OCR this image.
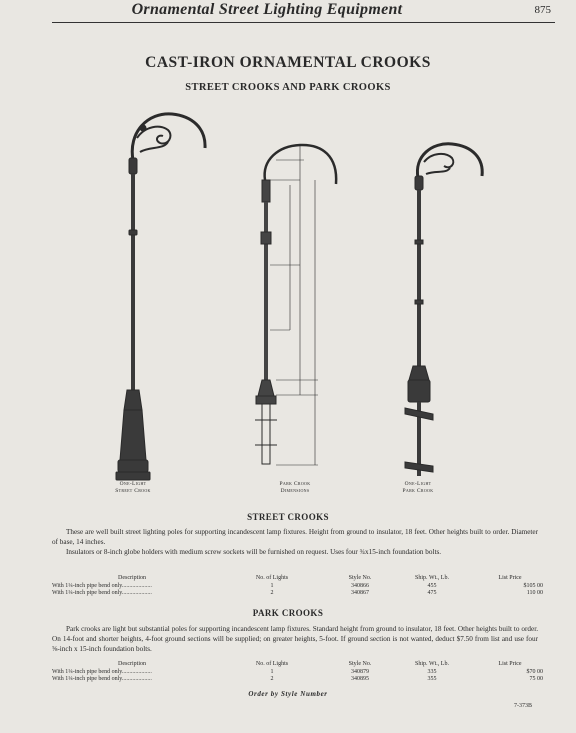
Ornamental Street Lighting Equipment	875
CAST-IRON ORNAMENTAL CROOKS
STREET CROOKS AND PARK CROOKS
One-Light
Street Crook
Park Crook
Dimensions
One-Light
Park Crook
STREET CROOKS

These are well built street lighting poles for supporting incandescent lamp fixtures. Height from ground to insulator, 18 feet. Other heights built to order. Diameter of base, 14 inches.

Insulators or 8-inch globe holders with medium screw sockets will be furnished on request. Uses four ¾x15-inch foundation bolts.

Description	No. of Lights	Style No.	Ship. Wt., Lb.	List Price
With 1¼-inch pipe bend only....................	1	340866	455	$105 00
With 1¼-inch pipe bend only....................	2	340867	475	110 00
PARK CROOKS

Park crooks are light but substantial poles for supporting incandescent lamp fixtures. Standard height from ground to insulator, 18 feet. Other heights built to order. On 14-foot and shorter heights, 4-foot ground sections will be supplied; on greater heights, 5-foot. If ground section is not wanted, deduct $7.50 from list and use four ⅝-inch x 15-inch foundation bolts.

Description	No. of Lights	Style No.	Ship. Wt., Lb.	List Price
With 1¼-inch pipe bend only....................	1	340879	335	$70 00
With 1¼-inch pipe bend only....................	2	340895	355	75 00
Order by Style Number
7-373B
